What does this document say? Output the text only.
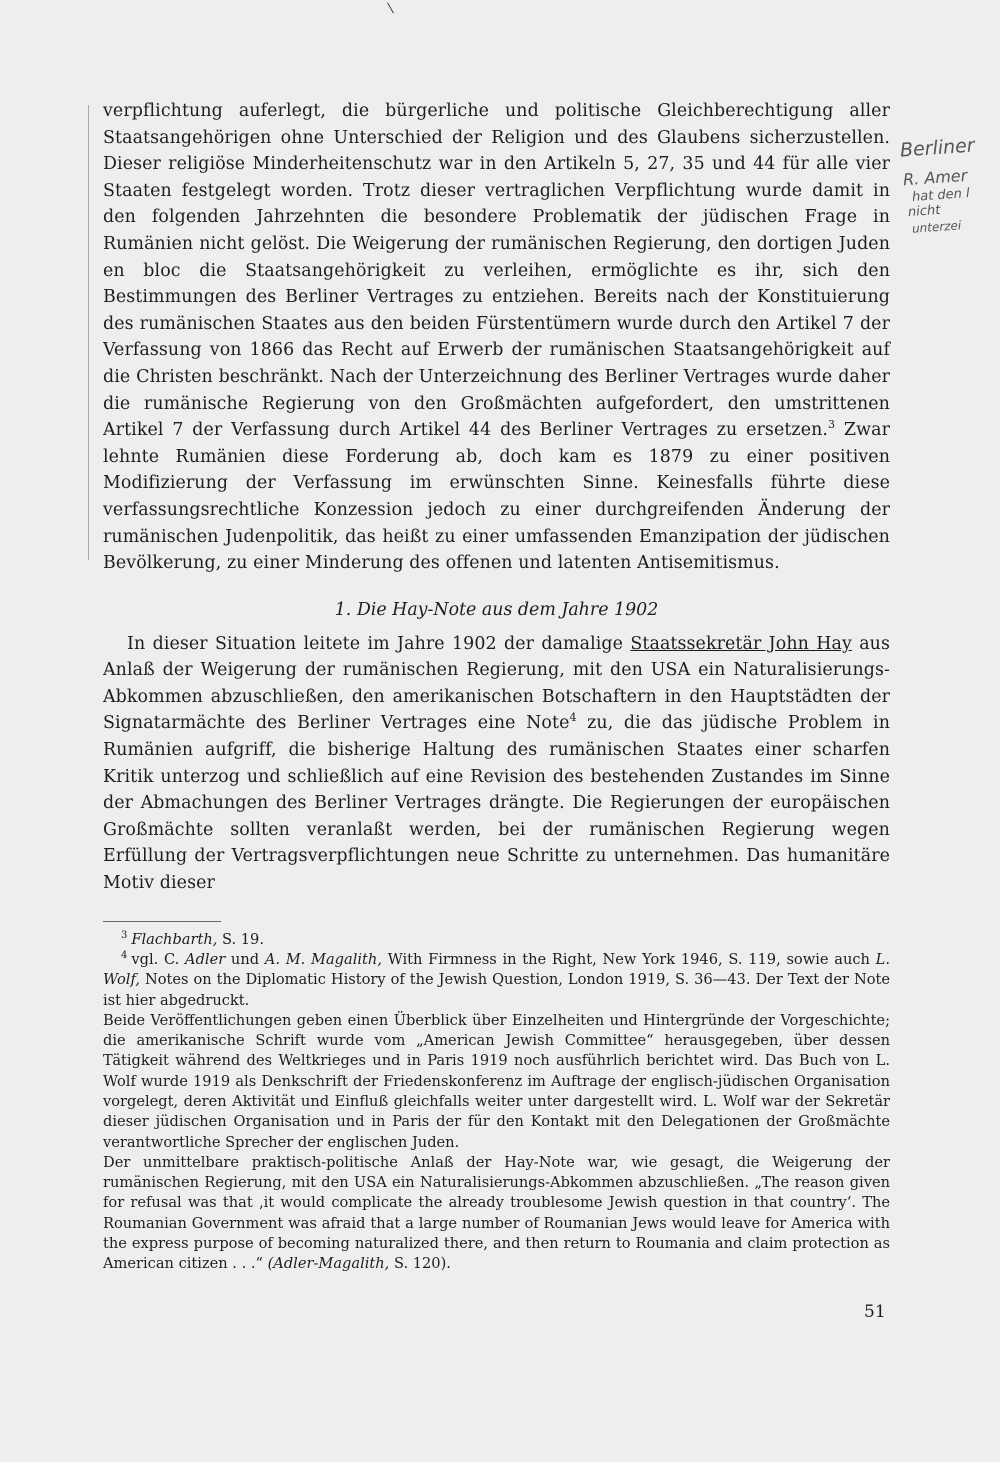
verpflichtung auferlegt, die bürgerliche und politische Gleichberechtigung aller Staatsangehörigen ohne Unterschied der Religion und des Glaubens sicherzustellen. Dieser religiöse Minderheitenschutz war in den Artikeln 5, 27, 35 und 44 für alle vier Staaten festgelegt worden. Trotz dieser vertraglichen Verpflichtung wurde damit in den folgenden Jahrzehnten die besondere Problematik der jüdischen Frage in Rumänien nicht gelöst. Die Weigerung der rumänischen Regierung, den dortigen Juden en bloc die Staatsangehörigkeit zu verleihen, ermöglichte es ihr, sich den Bestimmungen des Berliner Vertrages zu entziehen. Bereits nach der Konstituierung des rumänischen Staates aus den beiden Fürstentümern wurde durch den Artikel 7 der Verfassung von 1866 das Recht auf Erwerb der rumänischen Staatsangehörigkeit auf die Christen beschränkt. Nach der Unterzeichnung des Berliner Vertrages wurde daher die rumänische Regierung von den Großmächten aufgefordert, den umstrittenen Artikel 7 der Verfassung durch Artikel 44 des Berliner Vertrages zu ersetzen.$^3$ Zwar lehnte Rumänien diese Forderung ab, doch kam es 1879 zu einer positiven Modifizierung der Verfassung im erwünschten Sinne. Keinesfalls führte diese verfassungsrechtliche Konzession jedoch zu einer durchgreifenden Änderung der rumänischen Judenpolitik, das heißt zu einer umfassenden Emanzipation der jüdischen Bevölkerung, zu einer Minderung des offenen und latenten Antisemitismus.

1. Die Hay-Note aus dem Jahre 1902

In dieser Situation leitete im Jahre 1902 der damalige Staatssekretär John Hay aus Anlaß der Weigerung der rumänischen Regierung, mit den USA ein Naturalisierungs-Abkommen abzuschließen, den amerikanischen Botschaftern in den Hauptstädten der Signatarmächte des Berliner Vertrages eine Note$^4$ zu, die das jüdische Problem in Rumänien aufgriff, die bisherige Haltung des rumänischen Staates einer scharfen Kritik unterzog und schließlich auf eine Revision des bestehenden Zustandes im Sinne der Abmachungen des Berliner Vertrages drängte. Die Regierungen der europäischen Großmächte sollten veranlaßt werden, bei der rumänischen Regierung wegen Erfüllung der Vertragsverpflichtungen neue Schritte zu unternehmen. Das humanitäre Motiv dieser

$^3$ Flachbarth, S. 19.

$^4$ vgl. C. Adler und A. M. Magalith, With Firmness in the Right, New York 1946, S. 119, sowie auch L. Wolf, Notes on the Diplomatic History of the Jewish Question, London 1919, S. 36—43. Der Text der Note ist hier abgedruckt.

Beide Veröffentlichungen geben einen Überblick über Einzelheiten und Hintergründe der Vorgeschichte; die amerikanische Schrift wurde vom „American Jewish Committee“ herausgegeben, über dessen Tätigkeit während des Weltkrieges und in Paris 1919 noch ausführlich berichtet wird. Das Buch von L. Wolf wurde 1919 als Denkschrift der Friedenskonferenz im Auftrage der englisch-jüdischen Organisation vorgelegt, deren Aktivität und Einfluß gleichfalls weiter unter dargestellt wird. L. Wolf war der Sekretär dieser jüdischen Organisation und in Paris der für den Kontakt mit den Delegationen der Großmächte verantwortliche Sprecher der englischen Juden.

Der unmittelbare praktisch-politische Anlaß der Hay-Note war, wie gesagt, die Weigerung der rumänischen Regierung, mit den USA ein Naturalisierungs-Abkommen abzuschließen. „The reason given for refusal was that ‚it would complicate the already troublesome Jewish question in that country‘. The Roumanian Government was afraid that a large number of Roumanian Jews would leave for America with the express purpose of becoming naturalized there, and then return to Roumania and claim protection as American citizen . . .“ (Adler-Magalith, S. 120).

51
Berliner
R. Amer
hat den l
nicht
unterzei
